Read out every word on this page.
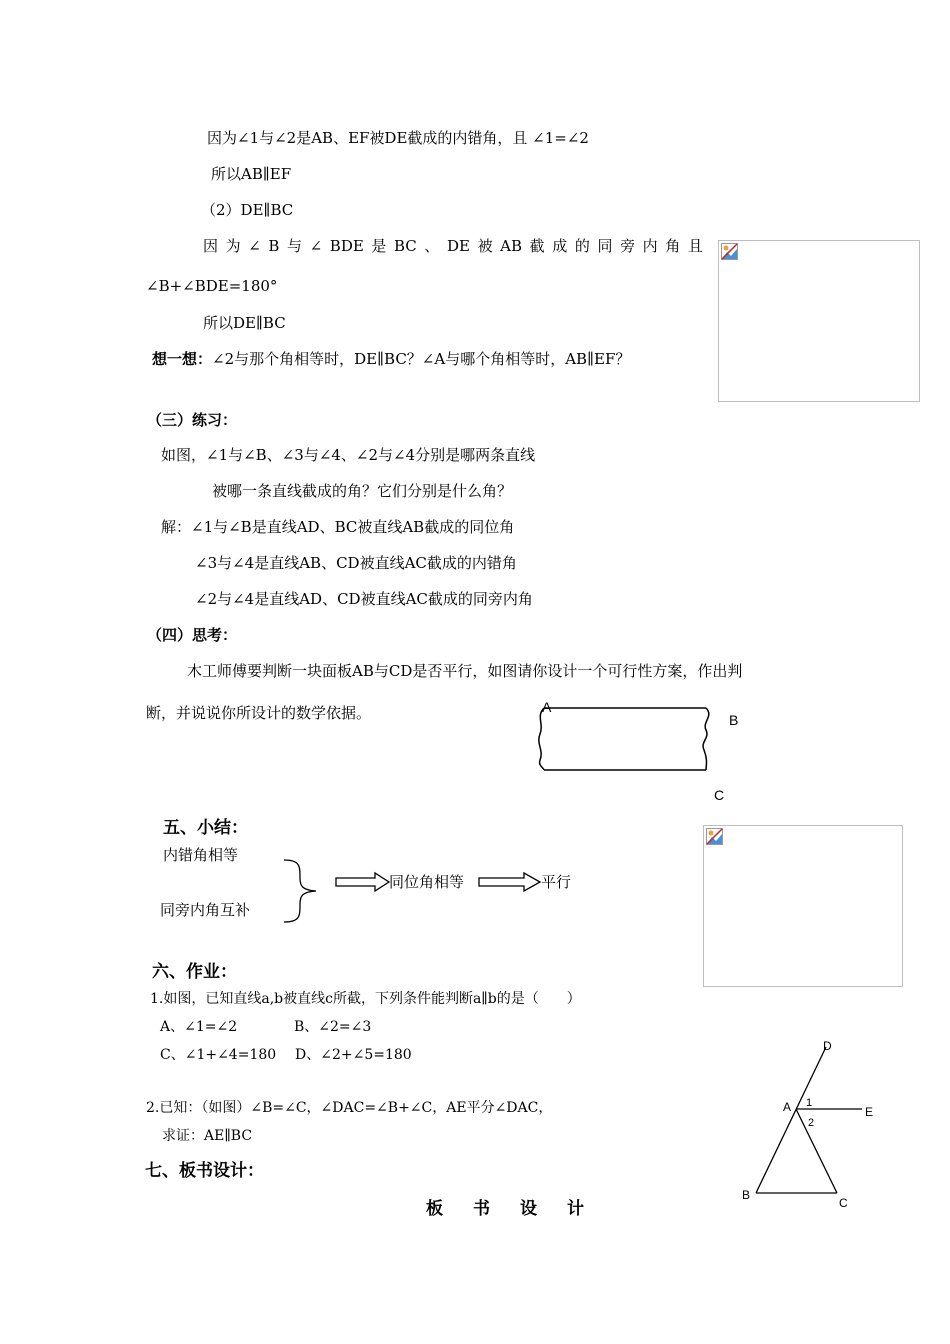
因为∠1与∠2是AB、EF被DE截成的内错角，且 ∠1=∠2
所以AB∥EF
（2）DE∥BC
因 为 ∠ B 与 ∠ BDE 是 BC 、 DE 被 AB 截 成 的 同 旁 内 角 且
∠B+∠BDE=180°
所以DE∥BC
想一想：∠2与那个角相等时，DE∥BC？∠A与哪个角相等时，AB∥EF？
（三）练习：
如图，∠1与∠B、∠3与∠4、∠2与∠4分别是哪两条直线
被哪一条直线截成的角？它们分别是什么角？
解：∠1与∠B是直线AD、BC被直线AB截成的同位角
∠3与∠4是直线AB、CD被直线AC截成的内错角
∠2与∠4是直线AD、CD被直线AC截成的同旁内角
（四）思考：
木工师傅要判断一块面板AB与CD是否平行，如图请你设计一个可行性方案，作出判
断，并说说你所设计的数学依据。	A
B
C
五、小结：
内错角相等
同旁内角互补
同位角相等	平行
六、作业：
1.如图，已知直线a,b被直线c所截，下列条件能判断a∥b的是（　　）
A、∠1=∠2	B、∠2=∠3
C、∠1+∠4=180 D、∠2+∠5=180
2.已知：（如图）∠B=∠C，∠DAC=∠B+∠C，AE平分∠DAC，
求证：AE∥BC
D
A 1
E
2
B
C
七、板书设计：
板 书 设 计
